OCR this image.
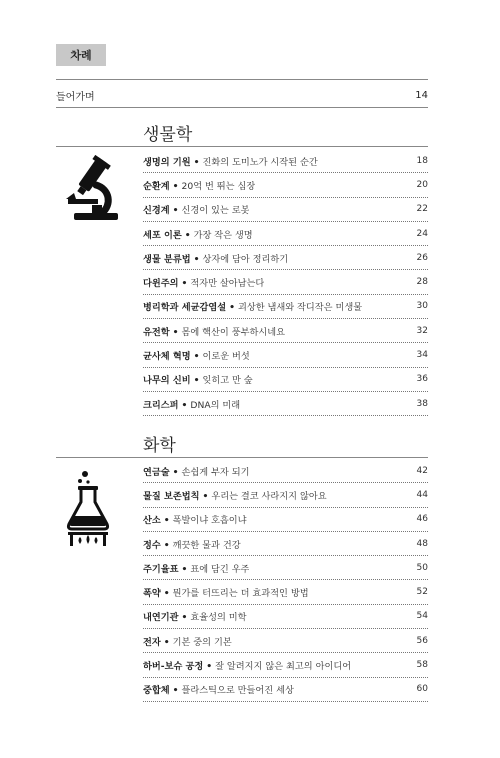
차례
들어가며	14
생물학
생명의 기원 • 진화의 도미노가 시작된 순간	18
순환계 • 20억 번 뛰는 심장	20
신경계 • 신경이 있는 로봇	22
세포 이론 • 가장 작은 생명	24
생물 분류법 • 상자에 담아 정리하기	26
다윈주의 • 적자만 살아남는다	28
병리학과 세균감염설 • 괴상한 냄새와 작디작은 미생물	30
유전학 • 몸에 핵산이 풍부하시네요	32
균사체 혁명 • 이로운 버섯	34
나무의 신비 • 잊히고 만 숲	36
크리스퍼 • DNA의 미래	38
화학
연금술 • 손쉽게 부자 되기	42
물질 보존법칙 • 우리는 결코 사라지지 않아요	44
산소 • 폭발이냐 호흡이냐	46
정수 • 깨끗한 물과 건강	48
주기율표 • 표에 담긴 우주	50
폭약 • 뭔가를 터뜨리는 더 효과적인 방법	52
내연기관 • 효율성의 미학	54
전자 • 기본 중의 기본	56
하버-보슈 공정 • 잘 알려지지 않은 최고의 아이디어	58
중합체 • 플라스틱으로 만들어진 세상	60
